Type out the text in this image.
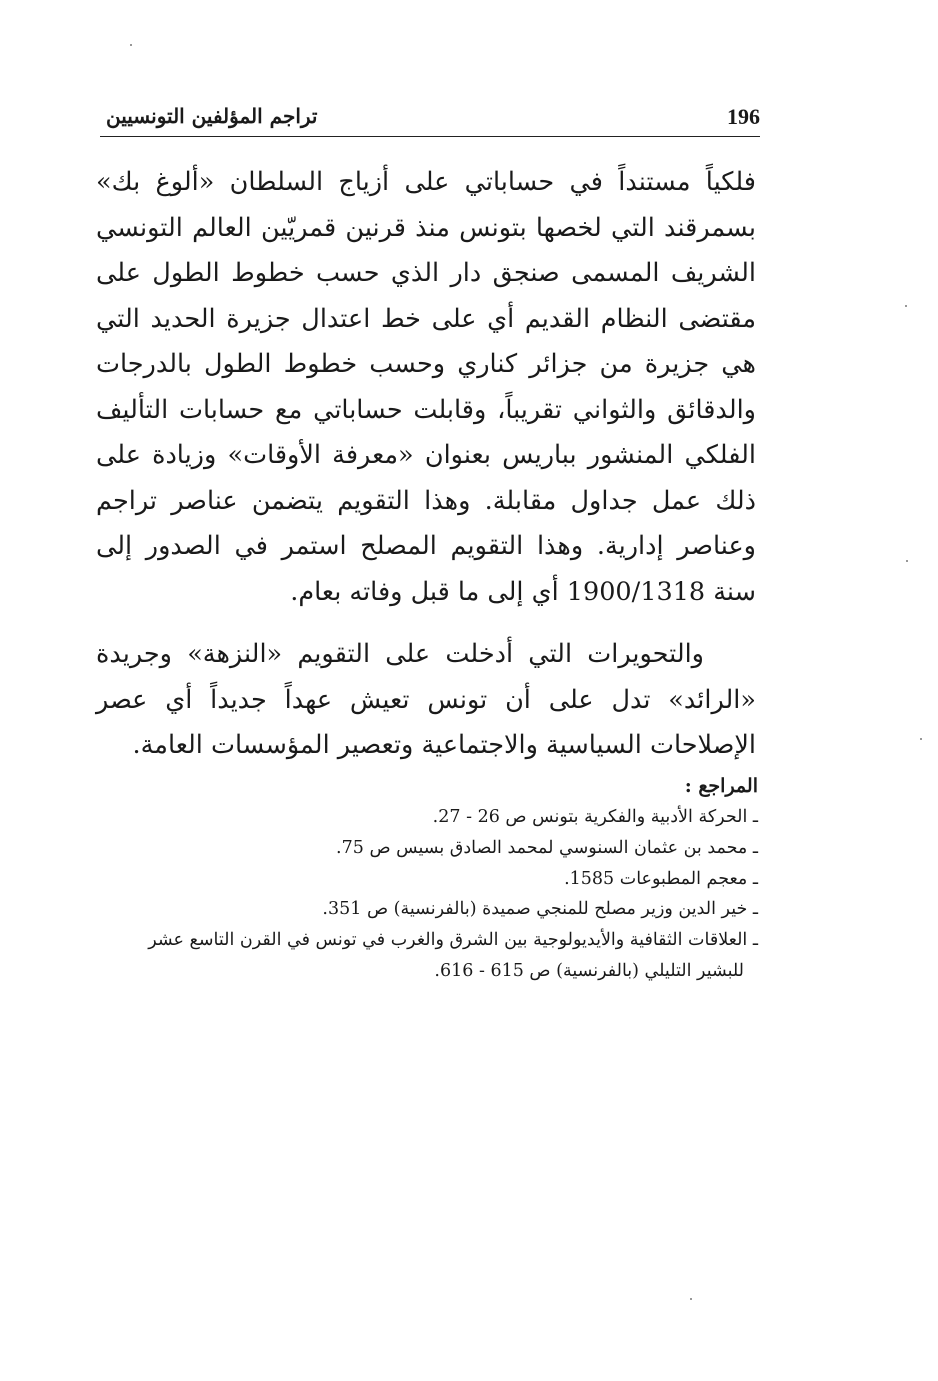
196
تراجم المؤلفين التونسيين

فلكياً مستنداً في حساباتي على أزياج السلطان «ألوغ بك» بسمرقند التي لخصها بتونس منذ قرنين قمريّين العالم التونسي الشريف المسمى صنجق دار الذي حسب خطوط الطول على مقتضى النظام القديم أي على خط اعتدال جزيرة الحديد التي هي جزيرة من جزائر كناري وحسب خطوط الطول بالدرجات والدقائق والثواني تقريباً، وقابلت حساباتي مع حسابات التأليف الفلكي المنشور بباريس بعنوان «معرفة الأوقات» وزيادة على ذلك عمل جداول مقابلة. وهذا التقويم يتضمن عناصر تراجم وعناصر إدارية. وهذا التقويم المصلح استمر في الصدور إلى سنة 1900/1318 أي إلى ما قبل وفاته بعام.

والتحويرات التي أدخلت على التقويم «النزهة» وجريدة «الرائد» تدل على أن تونس تعيش عهداً جديداً أي عصر الإصلاحات السياسية والاجتماعية وتعصير المؤسسات العامة.

المراجع :
ـ الحركة الأدبية والفكرية بتونس ص 26 - 27.
ـ محمد بن عثمان السنوسي لمحمد الصادق بسيس ص 75.
ـ معجم المطبوعات 1585.
ـ خير الدين وزير مصلح للمنجي صميدة (بالفرنسية) ص 351.
ـ العلاقات الثقافية والأيديولوجية بين الشرق والغرب في تونس في القرن التاسع عشر للبشير التليلي (بالفرنسية) ص 615 - 616.
